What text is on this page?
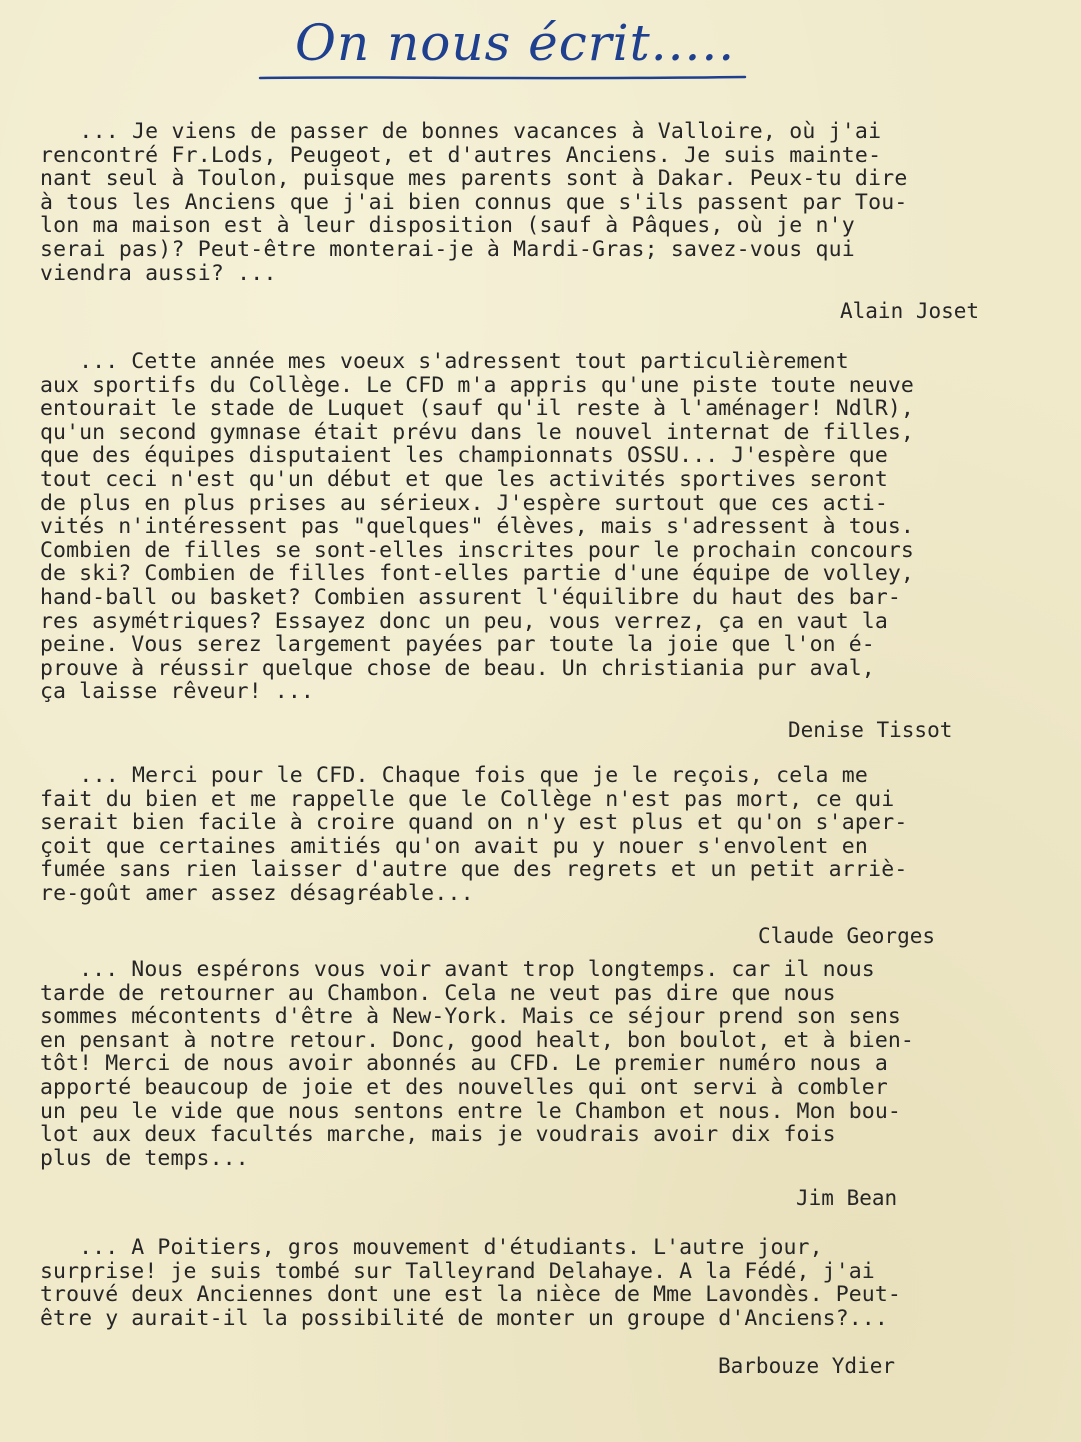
On nous écrit.....
... Je viens de passer de bonnes vacances à Valloire, où j'ai
rencontré Fr.Lods, Peugeot, et d'autres Anciens. Je suis mainte-
nant seul à Toulon, puisque mes parents sont à Dakar. Peux-tu dire
à tous les Anciens que j'ai bien connus que s'ils passent par Tou-
lon ma maison est à leur disposition (sauf à Pâques, où je n'y
serai pas)? Peut-être monterai-je à Mardi-Gras; savez-vous qui
viendra aussi? ...
Alain Joset
... Cette année mes voeux s'adressent tout particulièrement
aux sportifs du Collège. Le CFD m'a appris qu'une piste toute neuve
entourait le stade de Luquet (sauf qu'il reste à l'aménager! NdlR),
qu'un second gymnase était prévu dans le nouvel internat de filles,
que des équipes disputaient les championnats OSSU... J'espère que
tout ceci n'est qu'un début et que les activités sportives seront
de plus en plus prises au sérieux. J'espère surtout que ces acti-
vités n'intéressent pas "quelques" élèves, mais s'adressent à tous.
Combien de filles se sont-elles inscrites pour le prochain concours
de ski? Combien de filles font-elles partie d'une équipe de volley,
hand-ball ou basket? Combien assurent l'équilibre du haut des bar-
res asymétriques? Essayez donc un peu, vous verrez, ça en vaut la
peine. Vous serez largement payées par toute la joie que l'on é-
prouve à réussir quelque chose de beau. Un christiania pur aval,
ça laisse rêveur! ...
Denise Tissot
... Merci pour le CFD. Chaque fois que je le reçois, cela me
fait du bien et me rappelle que le Collège n'est pas mort, ce qui
serait bien facile à croire quand on n'y est plus et qu'on s'aper-
çoit que certaines amitiés qu'on avait pu y nouer s'envolent en
fumée sans rien laisser d'autre que des regrets et un petit arriè-
re-goût amer assez désagréable...
Claude Georges
... Nous espérons vous voir avant trop longtemps. car il nous
tarde de retourner au Chambon. Cela ne veut pas dire que nous
sommes mécontents d'être à New-York. Mais ce séjour prend son sens
en pensant à notre retour. Donc, good healt, bon boulot, et à bien-
tôt! Merci de nous avoir abonnés au CFD. Le premier numéro nous a
apporté beaucoup de joie et des nouvelles qui ont servi à combler
un peu le vide que nous sentons entre le Chambon et nous. Mon bou-
lot aux deux facultés marche, mais je voudrais avoir dix fois
plus de temps...
Jim Bean
... A Poitiers, gros mouvement d'étudiants. L'autre jour,
surprise! je suis tombé sur Talleyrand Delahaye. A la Fédé, j'ai
trouvé deux Anciennes dont une est la nièce de Mme Lavondès. Peut-
être y aurait-il la possibilité de monter un groupe d'Anciens?...
Barbouze Ydier
